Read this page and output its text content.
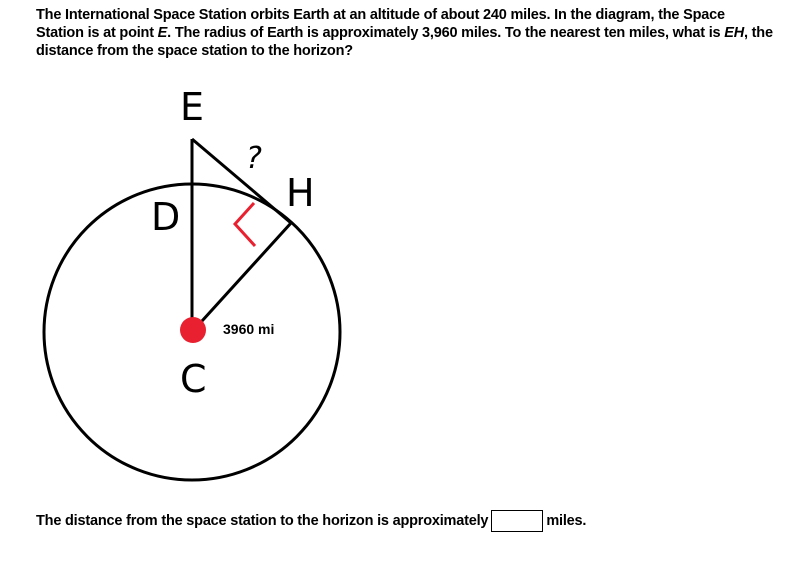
The International Space Station orbits Earth at an altitude of about 240 miles. In the diagram, the Space Station is at point E. The radius of Earth is approximately 3,960 miles. To the nearest ten miles, what is EH, the distance from the space station to the horizon?
E
?
H
D
3960 mi
C
The distance from the space station to the horizon is approximately	miles.
